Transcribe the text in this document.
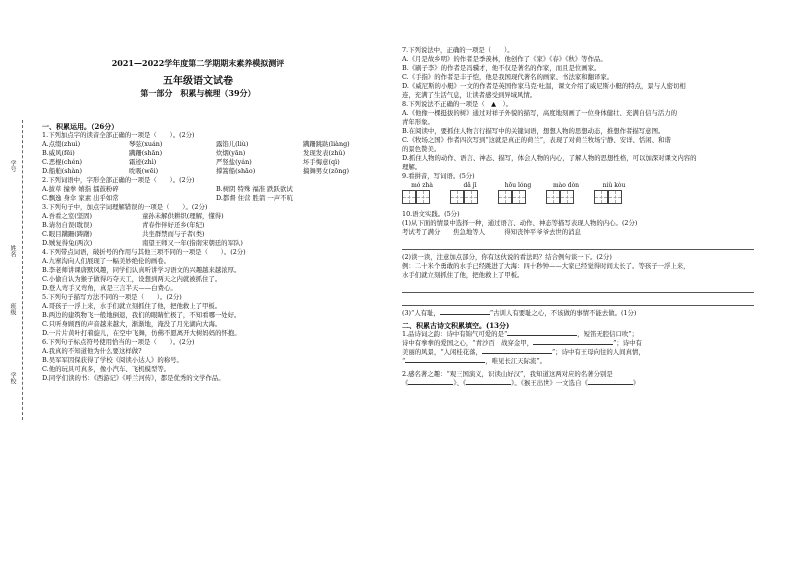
学号
姓名
班级
学校
2021—2022学年度第二学期期末素养模拟测评
五年级语文试卷
第一部分　积累与梳理（39分）
一、积累运用。（26分）
1.下列加点字的读音全部正确的一项是（　　）。(2分)
A.点缀(zhuì)	琴弦(xuán)	露馅儿(liù)	蹒跚跳跶(liàng)
B.威风(fēi)	蹒跚(shān)	炊烟(yān)	发现发表(zhǔ)
C.恶棍(chén)	霜迹(zhì)	严竖盐(yán)	坏手悔意(qì)
D.船舶(shàn)	吮吸(wēi)	撑篙船(shāo)	搞舞男女(zōng)
2.下列词语中，字形全部正确的一项是（　　）。(2分)
A.拔草 撞拳 嬉指 擂鼓粉碎	B.树阴 特殊 福准 跌跃欲试
C.飘逸 身伞 家素 出乎如常	D.都督 住营 胜箭 一声不吭
3.下列句子中，加点字词理解错误的一项是（　　）。(2分)
A.吾看之室(坚固)	童孙未解供耕织(理解，懂得)
B.请勿自误(耽误)	青春作伴好还乡(年纪)
C.眼目蹒跚(踌躇)	共坐群禁而与子者(类)
D.贼复得兔(两次)	南望王师又一年(指南宋朝廷的军队)
4.下列带点词语，破折号的作用与其他三项不同的一项是（　　）。(2分)
A.九寨沟向人们展现了一幅美妙绝伦的画卷。
B.李老师讲课唐默风趣，同学们认真听讲学习语文的兴趣越来越浓厚。
C.小偷自认为猴子做得巧夺天工，设想到两天之内就被抓住了。
D.登人弯手又弯角，真是三言半天——白费心。
5.下列句子描写方法不同的一项是（　　）。(2分)
A.哥孩子一浮上来，水手们就立刻抓住了他，把他救上了甲板。
B.两边的建筑物飞一般地倒退，我们的眼睛忙极了，不知看哪一处好。
C.只听身顾西的声音越来越大，渐渐地，淹没了月光湖向大海。
D.一片片黄叶打着旋儿，在空中飞舞，仿佛不愿离开大树妈妈的怀抱。
6.下列句子标点符号使用恰当的一项是（　　）。(2分)
A.我真的不知道他为什么要这样做?
B.吴军军因保获得了学校《阅读小达人》的称号。
C.他的玩具可真多，像小汽车、飞机模型等。
D.同学们读的书：《西游记》《呼兰河传》，都是优秀的文学作品。
7.下列说法中，正确的一项是（　　）。
A.《月是故乡明》的作者是季羡林，他创作了《家》《春》《秋》等作品。
B.《刷子李》的作者是冯骥才，他不仅是著名的作家，而且是位画家。
C.《手指》的作者是丰子恺，他是我国现代著名的画家、书法家和翻译家。
D.《威尼斯的小艇》一文的作者是英国作家马克·吐温，课文介绍了威尼斯小艇的特点，景与人密切相
连，充满了生活气息，让读者感受到异域风情。
8.下列说法不正确的一项是（　▲　）。
A.《他像一棵挺拔的树》通过对祥子外貌的描写，高度地刻画了一位身体健壮、充满自信与活力的
青年形象。
B.在阅读中，要抓住人物言行描写中的关键词语，想想人物的思想动态，推想作者描写意图。
C.《牧场之国》作者四次写到“这就是真正的荷兰”，表现了对荷兰牧场宁静、安详、恬闲、和谐
的景色赞美。
D.抓住人物的动作、语言、神态、描写，体会人物的内心，了解人物的思想性格，可以加深对课文内容的
理解。
9.看拼音，写词语。(5分)
mó zhà	dǎ jī	hōu lóng	mào dòn	niǔ kòu
10.语文实践。(5分)
(1)从下面的情景中选择一种，通过语言、动作、神态等描写表现人物的内心。(2分)
考试考了满分　　焦急地等人　　　得知丧钟平爷爷去世的消息
(2)读一读，注意加点部分，你有这伙说的看法吗？结合例句谈一下。(2分)
例：二十米个勇敢的水手已经跳进了大海：四十秒钟——大家已经觉得时间太长了。等孩子一浮上来，
水手们就立刻抓住了他，把他救上了甲板。
(3)“人有耻，	”古训人有要耻之心，不该做的事情不能去做。(1分)
二、积累古诗文积累填空。(13分)
1.品诗词之韵：诗中有锦气可爱的是“	，短笛无腔信口吹”；
诗中有拳拳的爱国之心，“青沙百　战穿金甲，	”；诗中有
美丽的风景，“人闲桂花落，	”；诗中有王母向往的人间真情，
“	，唯见长江天际流”。
2.感名著之趣：“观三国演义，识读山好汉”，我知道这两对应的名著分别是
《	》、《	》。《猴王出世》一文选自《	》
